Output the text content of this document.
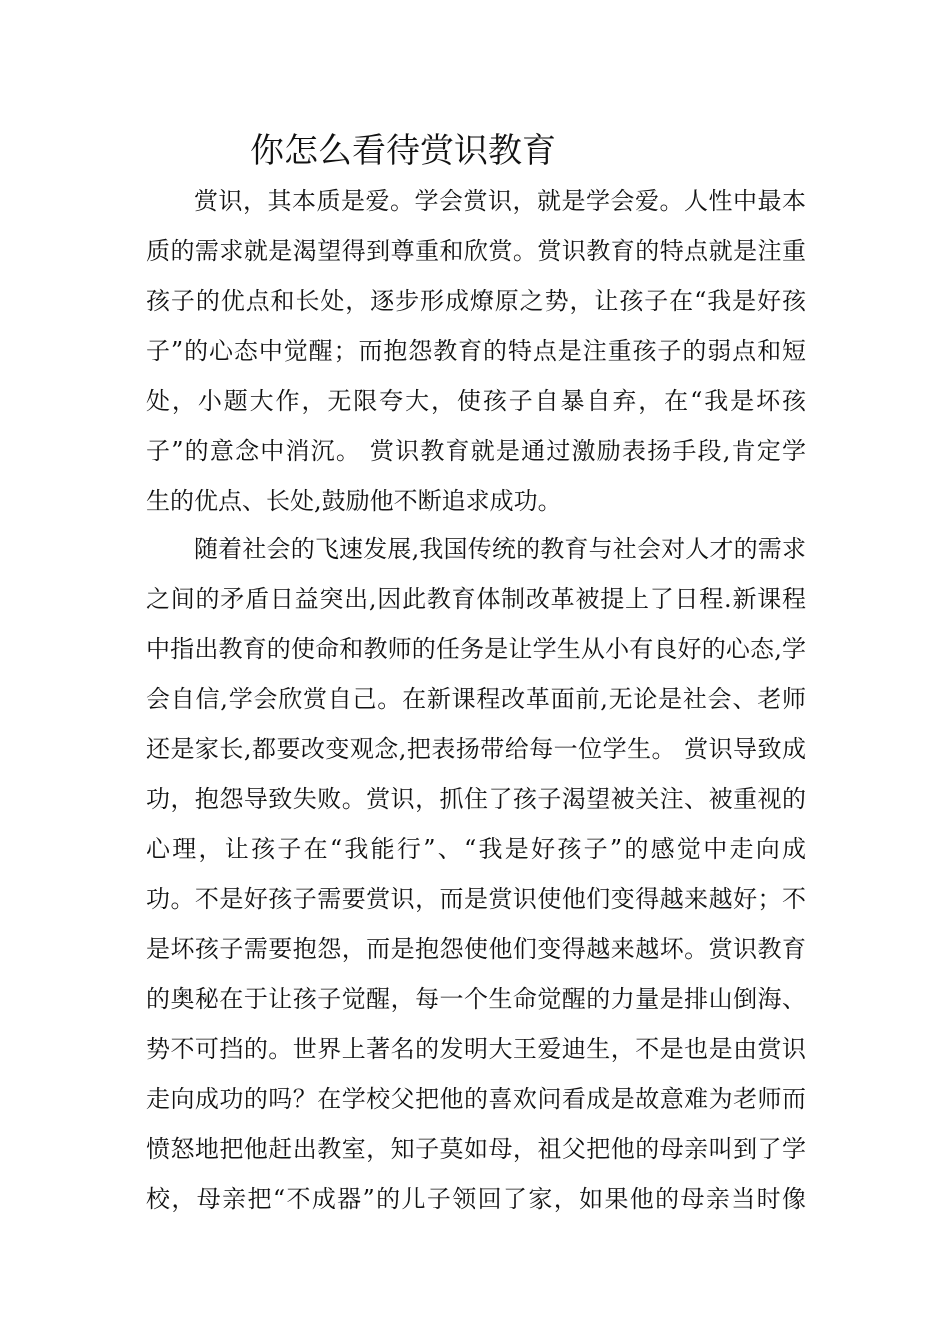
你怎么看待赏识教育
赏识，其本质是爱。学会赏识，就是学会爱。人性中最本
质的需求就是渴望得到尊重和欣赏。赏识教育的特点就是注重
孩子的优点和长处，逐步形成燎原之势，让孩子在“我是好孩
子”的心态中觉醒；而抱怨教育的特点是注重孩子的弱点和短
处，小题大作，无限夸大，使孩子自暴自弃，在“我是坏孩
子”的意念中消沉。 赏识教育就是通过激励表扬手段,肯定学
生的优点、长处,鼓励他不断追求成功。
随着社会的飞速发展,我国传统的教育与社会对人才的需求
之间的矛盾日益突出,因此教育体制改革被提上了日程.新课程
中指出教育的使命和教师的任务是让学生从小有良好的心态,学
会自信,学会欣赏自己。在新课程改革面前,无论是社会、老师
还是家长,都要改变观念,把表扬带给每一位学生。 赏识导致成
功，抱怨导致失败。赏识，抓住了孩子渴望被关注、被重视的
心理，让孩子在“我能行”、“我是好孩子”的感觉中走向成
功。不是好孩子需要赏识，而是赏识使他们变得越来越好；不
是坏孩子需要抱怨，而是抱怨使他们变得越来越坏。赏识教育
的奥秘在于让孩子觉醒，每一个生命觉醒的力量是排山倒海、
势不可挡的。世界上著名的发明大王爱迪生，不是也是由赏识
走向成功的吗？在学校父把他的喜欢问看成是故意难为老师而
愤怒地把他赶出教室，知子莫如母，祖父把他的母亲叫到了学
校，母亲把“不成器”的儿子领回了家，如果他的母亲当时像
